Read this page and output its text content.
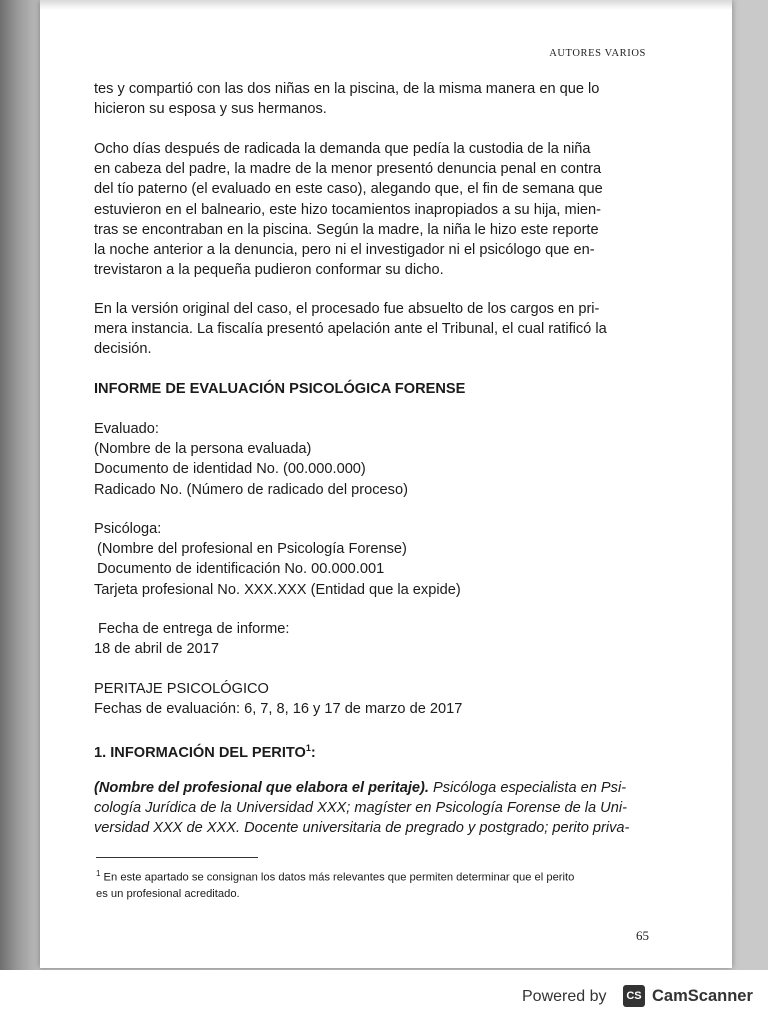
AUTORES VARIOS
tes y compartió con las dos niñas en la piscina, de la misma manera en que lo
hicieron su esposa y sus hermanos.
Ocho días después de radicada la demanda que pedía la custodia de la niña
en cabeza del padre, la madre de la menor presentó denuncia penal en contra
del tío paterno (el evaluado en este caso), alegando que, el fin de semana que
estuvieron en el balneario, este hizo tocamientos inapropiados a su hija, mien-
tras se encontraban en la piscina. Según la madre, la niña le hizo este reporte
la noche anterior a la denuncia, pero ni el investigador ni el psicólogo que en-
trevistaron a la pequeña pudieron conformar su dicho.
En la versión original del caso, el procesado fue absuelto de los cargos en pri-
mera instancia. La fiscalía presentó apelación ante el Tribunal, el cual ratificó la
decisión.
INFORME DE EVALUACIÓN PSICOLÓGICA FORENSE
Evaluado:
(Nombre de la persona evaluada)
Documento de identidad No. (00.000.000)
Radicado No. (Número de radicado del proceso)
Psicóloga:
(Nombre del profesional en Psicología Forense)
Documento de identificación No. 00.000.001
Tarjeta profesional No. XXX.XXX (Entidad que la expide)
Fecha de entrega de informe:
18 de abril de 2017
PERITAJE PSICOLÓGICO
Fechas de evaluación: 6, 7, 8, 16 y 17 de marzo de 2017
1. INFORMACIÓN DEL PERITO$^1$:
(Nombre del profesional que elabora el peritaje). Psicóloga especialista en Psi-
cología Jurídica de la Universidad XXX; magíster en Psicología Forense de la Uni-
versidad XXX de XXX. Docente universitaria de pregrado y postgrado; perito priva-
$^1$ En este apartado se consignan los datos más relevantes que permiten determinar que el perito
es un profesional acreditado.
65
Powered by	CS CamScanner
